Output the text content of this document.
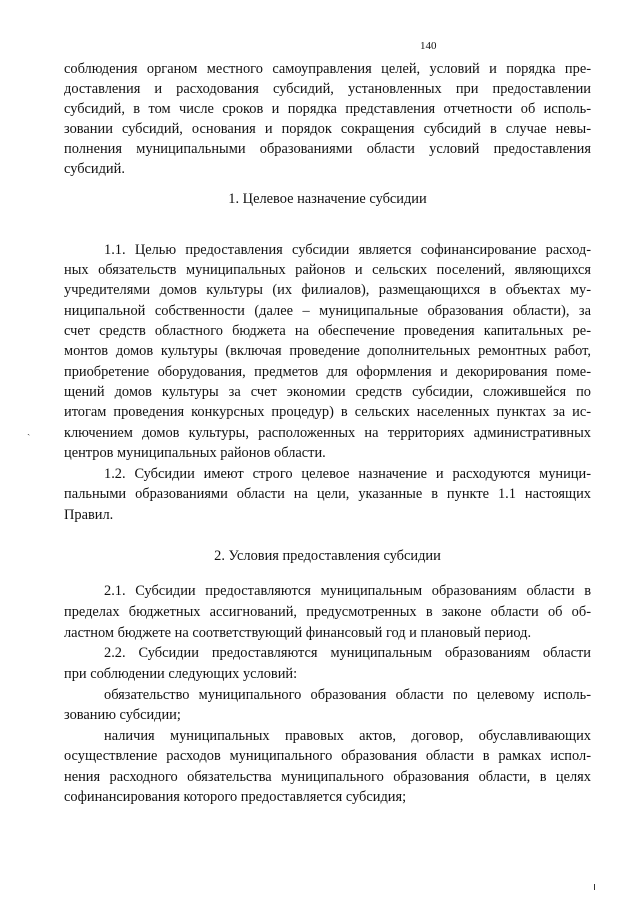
140
соблюдения органом местного самоуправления целей, условий и порядка пре-
доставления и расходования субсидий, установленных при предоставлении
субсидий, в том числе сроков и порядка представления отчетности об исполь-
зовании субсидий, основания и порядок сокращения субсидий в случае невы-
полнения муниципальными образованиями области условий предоставления
субсидий.
1. Целевое назначение субсидии
1.1. Целью предоставления субсидии является софинансирование расход-
ных обязательств муниципальных районов и сельских поселений, являющихся
учредителями домов культуры (их филиалов), размещающихся в объектах му-
ниципальной собственности (далее – муниципальные образования области), за
счет средств областного бюджета на обеспечение проведения капитальных ре-
монтов домов культуры (включая проведение дополнительных ремонтных работ,
приобретение оборудования, предметов для оформления и декорирования поме-
щений домов культуры за счет экономии средств субсидии, сложившейся по
итогам проведения конкурсных процедур) в сельских населенных пунктах за ис-
ключением домов культуры, расположенных на территориях административных
центров муниципальных районов области.
1.2. Субсидии имеют строго целевое назначение и расходуются муници-
пальными образованиями области на цели, указанные в пункте 1.1 настоящих
Правил.
2. Условия предоставления субсидии
2.1. Субсидии предоставляются муниципальным образованиям области в
пределах бюджетных ассигнований, предусмотренных в законе области об об-
ластном бюджете на соответствующий финансовый год и плановый период.
2.2. Субсидии предоставляются муниципальным образованиям области
при соблюдении следующих условий:
обязательство муниципального образования области по целевому исполь-
зованию субсидии;
наличия муниципальных правовых актов, договор, обуславливающих
осуществление расходов муниципального образования области в рамках испол-
нения расходного обязательства муниципального образования области, в целях
софинансирования которого предоставляется субсидия;
ˏ
